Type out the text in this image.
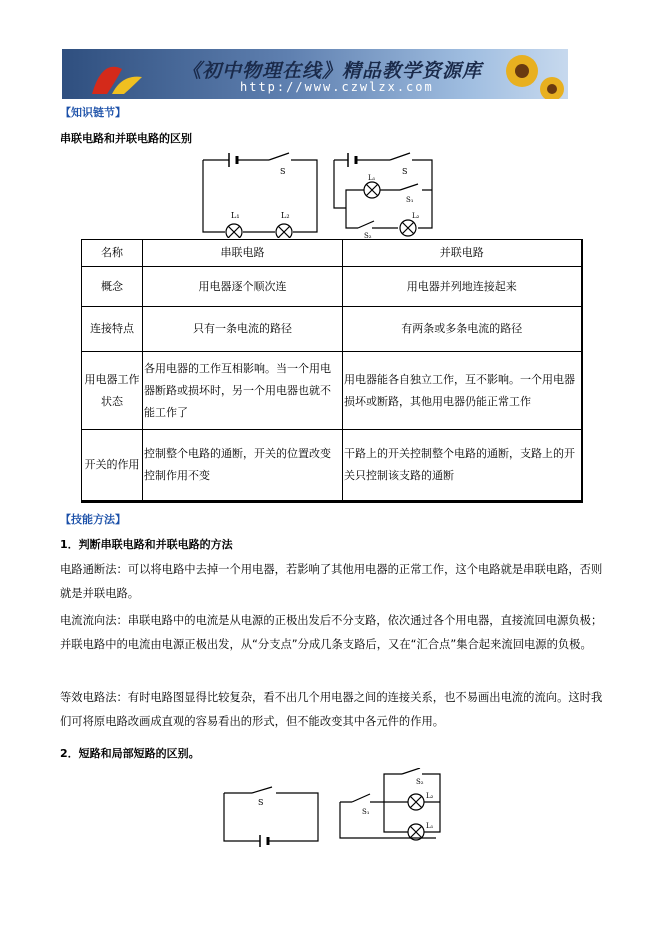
《初中物理在线》精品教学资源库
http://www.czwlzx.com
【知识链节】
串联电路和并联电路的区别
S
L₁	L₂
S
L₁
S₁
L₂
S₂
名称	串联电路	并联电路
概念	用电器逐个顺次连	用电器并列地连接起来
连接特点	只有一条电流的路径	有两条或多条电流的路径
用电器工作状态	各用电器的工作互相影响。当一个用电器断路或损坏时，另一个用电器也就不能工作了	用电器能各自独立工作，互不影响。一个用电器损坏或断路，其他用电器仍能正常工作
开关的作用	控制整个电路的通断，开关的位置改变控制作用不变	干路上的开关控制整个电路的通断，支路上的开关只控制该支路的通断
【技能方法】
1．判断串联电路和并联电路的方法
电路通断法：可以将电路中去掉一个用电器，若影响了其他用电器的正常工作，这个电路就是串联电路，否则就是并联电路。
电流流向法：串联电路中的电流是从电源的正极出发后不分支路，依次通过各个用电器，直接流回电源负极；并联电路中的电流由电源正极出发，从“分支点”分成几条支路后，又在“汇合点”集合起来流回电源的负极。
等效电路法：有时电路图显得比较复杂，看不出几个用电器之间的连接关系，也不易画出电流的流向。这时我们可将原电路改画成直观的容易看出的形式，但不能改变其中各元件的作用。
2．短路和局部短路的区别。
S
S₂
S₁
L₂
L₁
